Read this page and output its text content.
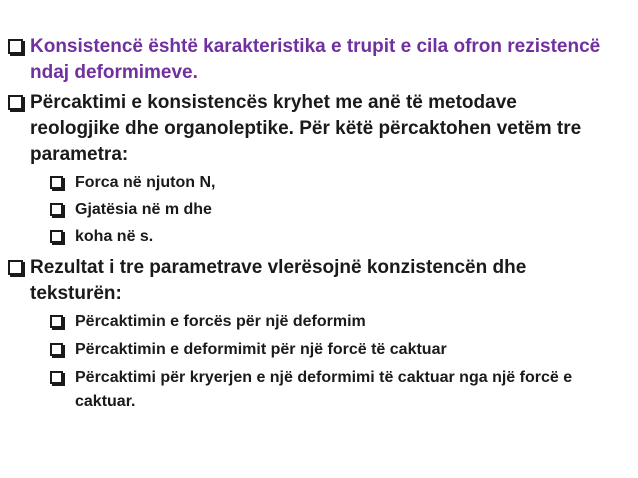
Konsistencë është karakteristika e trupit e cila ofron rezistencë ndaj deformimeve.
Përcaktimi e konsistencës kryhet me anë të metodave reologjike dhe organoleptike. Për këtë përcaktohen vetëm tre parametra:
Forca në njuton N,
Gjatësia në m dhe
koha në s.
Rezultat i tre parametrave vlerësojnë konzistencën dhe teksturën:
Përcaktimin e forcës për një deformim
Përcaktimin e deformimit për një forcë të caktuar
Përcaktimi për kryerjen e një deformimi të caktuar nga një forcë e caktuar.
